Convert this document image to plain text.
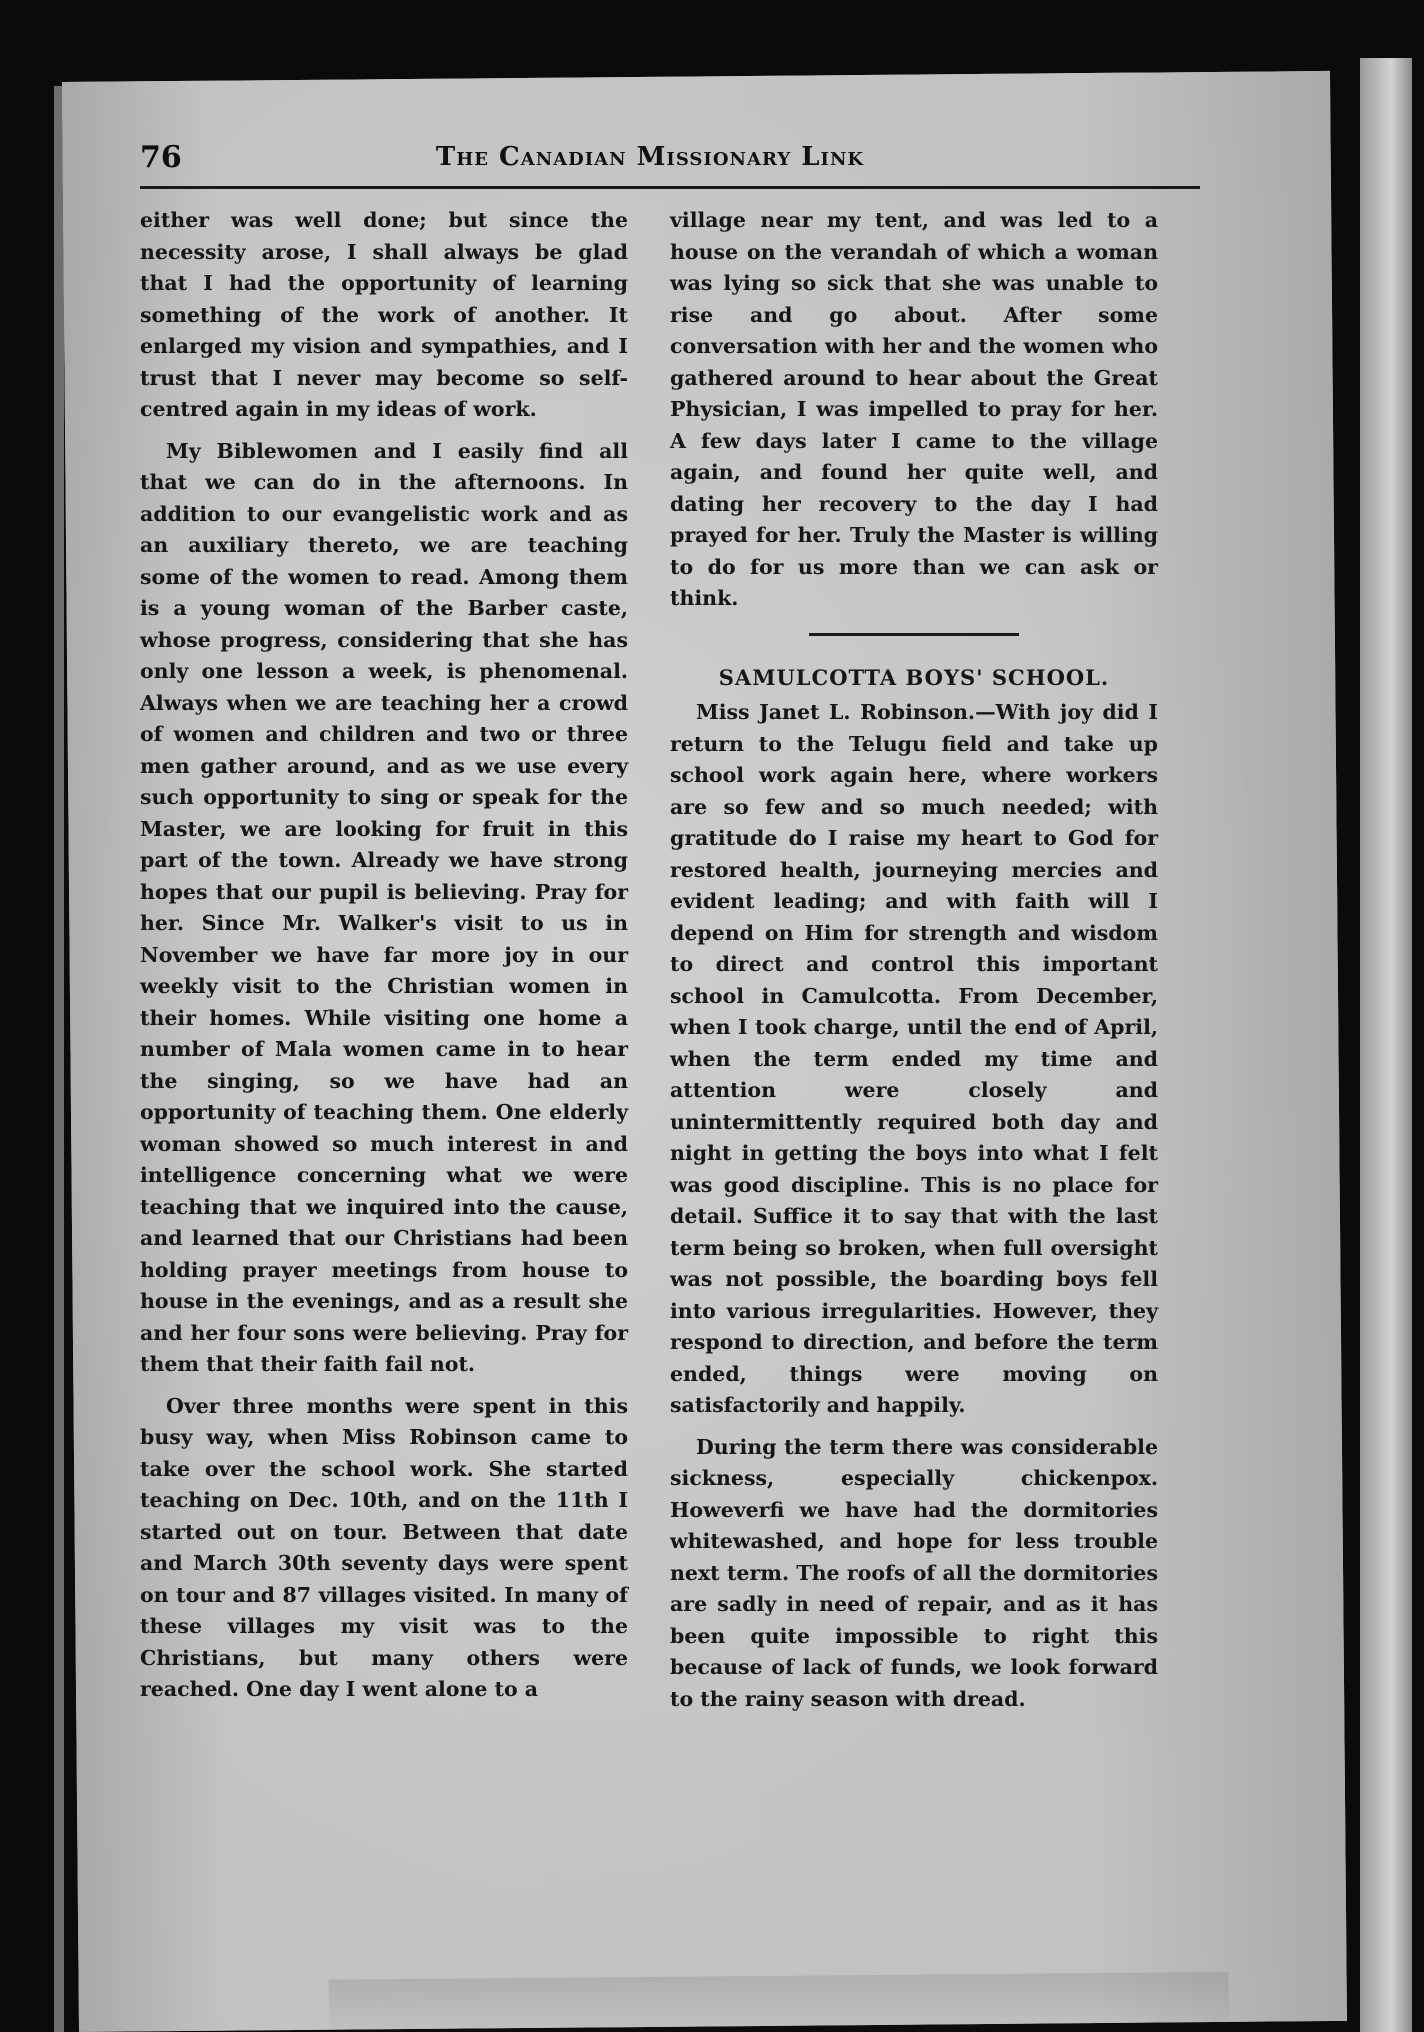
76	The Canadian Missionary Link

either was well done; but since the necessity arose, I shall always be glad that I had the opportunity of learning something of the work of another. It enlarged my vision and sympathies, and I trust that I never may become so self-centred again in my ideas of work.

My Biblewomen and I easily find all that we can do in the afternoons. In addition to our evangelistic work and as an auxiliary thereto, we are teaching some of the women to read. Among them is a young woman of the Barber caste, whose progress, considering that she has only one lesson a week, is phenomenal. Always when we are teaching her a crowd of women and children and two or three men gather around, and as we use every such opportunity to sing or speak for the Master, we are looking for fruit in this part of the town. Already we have strong hopes that our pupil is believing. Pray for her. Since Mr. Walker's visit to us in November we have far more joy in our weekly visit to the Christian women in their homes. While visiting one home a number of Mala women came in to hear the singing, so we have had an opportunity of teaching them. One elderly woman showed so much interest in and intelligence concerning what we were teaching that we inquired into the cause, and learned that our Christians had been holding prayer meetings from house to house in the evenings, and as a result she and her four sons were believing. Pray for them that their faith fail not.

Over three months were spent in this busy way, when Miss Robinson came to take over the school work. She started teaching on Dec. 10th, and on the 11th I started out on tour. Between that date and March 30th seventy days were spent on tour and 87 villages visited. In many of these villages my visit was to the Christians, but many others were reached. One day I went alone to a

village near my tent, and was led to a house on the verandah of which a woman was lying so sick that she was unable to rise and go about. After some conversation with her and the women who gathered around to hear about the Great Physician, I was impelled to pray for her. A few days later I came to the village again, and found her quite well, and dating her recovery to the day I had prayed for her. Truly the Master is willing to do for us more than we can ask or think.

SAMULCOTTA BOYS' SCHOOL.

Miss Janet L. Robinson.—With joy did I return to the Telugu field and take up school work again here, where workers are so few and so much needed; with gratitude do I raise my heart to God for restored health, journeying mercies and evident leading; and with faith will I depend on Him for strength and wisdom to direct and control this important school in Camulcotta. From December, when I took charge, until the end of April, when the term ended my time and attention were closely and unintermittently required both day and night in getting the boys into what I felt was good discipline. This is no place for detail. Suffice it to say that with the last term being so broken, when full oversight was not possible, the boarding boys fell into various irregularities. However, they respond to direction, and before the term ended, things were moving on satisfactorily and happily.

During the term there was considerable sickness, especially chickenpox. Howeverfi we have had the dormitories whitewashed, and hope for less trouble next term. The roofs of all the dormitories are sadly in need of repair, and as it has been quite impossible to right this because of lack of funds, we look forward to the rainy season with dread.
